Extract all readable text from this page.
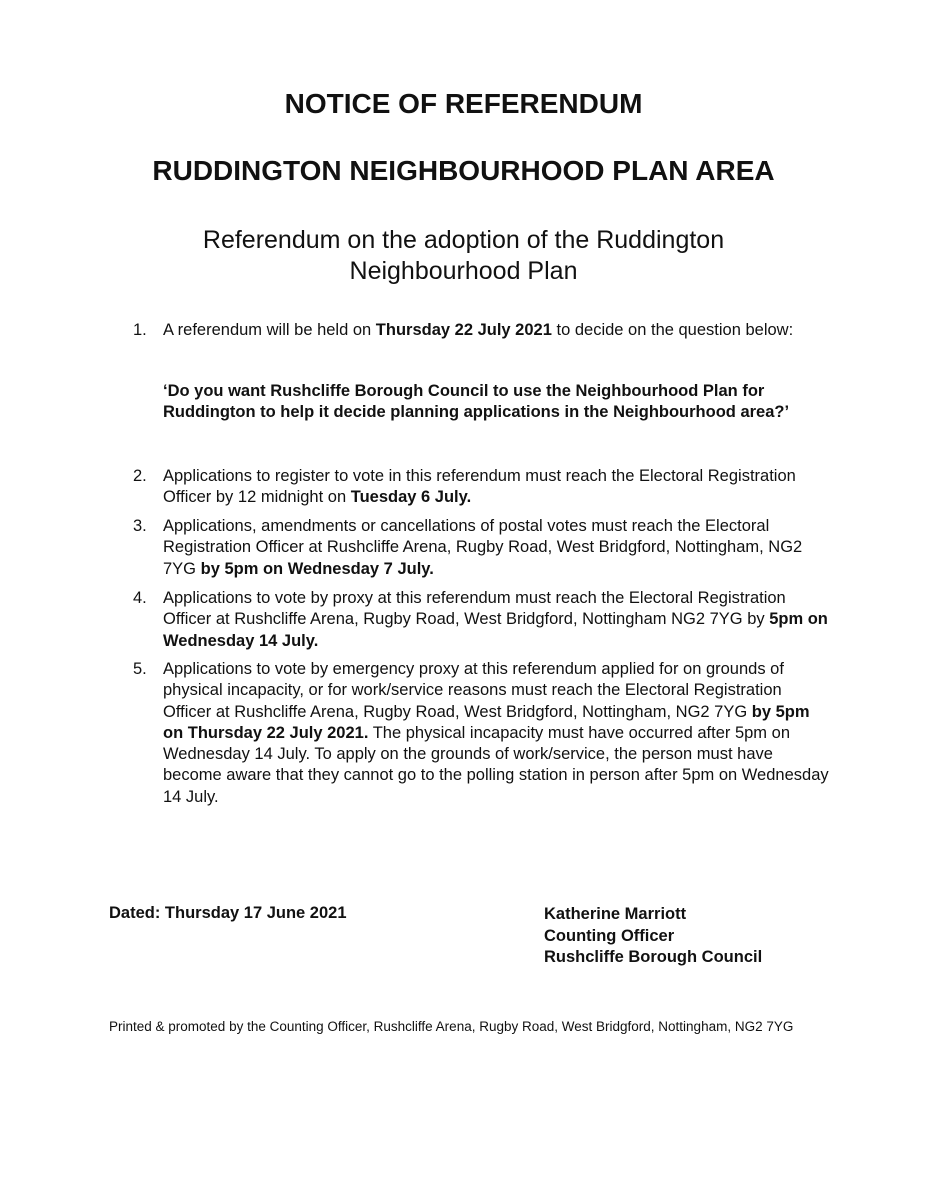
NOTICE OF REFERENDUM
RUDDINGTON NEIGHBOURHOOD PLAN AREA
Referendum on the adoption of the Ruddington Neighbourhood Plan
1. A referendum will be held on Thursday 22 July 2021 to decide on the question below:
‘Do you want Rushcliffe Borough Council to use the Neighbourhood Plan for Ruddington to help it decide planning applications in the Neighbourhood area?’
2. Applications to register to vote in this referendum must reach the Electoral Registration Officer by 12 midnight on Tuesday 6 July.
3. Applications, amendments or cancellations of postal votes must reach the Electoral Registration Officer at Rushcliffe Arena, Rugby Road, West Bridgford, Nottingham, NG2 7YG by 5pm on Wednesday 7 July.
4. Applications to vote by proxy at this referendum must reach the Electoral Registration Officer at Rushcliffe Arena, Rugby Road, West Bridgford, Nottingham NG2 7YG by 5pm on Wednesday 14 July.
5. Applications to vote by emergency proxy at this referendum applied for on grounds of physical incapacity, or for work/service reasons must reach the Electoral Registration Officer at Rushcliffe Arena, Rugby Road, West Bridgford, Nottingham, NG2 7YG by 5pm on Thursday 22 July 2021. The physical incapacity must have occurred after 5pm on Wednesday 14 July. To apply on the grounds of work/service, the person must have become aware that they cannot go to the polling station in person after 5pm on Wednesday 14 July.
Dated: Thursday 17 June 2021	Katherine Marriott
Counting Officer
Rushcliffe Borough Council
Printed & promoted by the Counting Officer, Rushcliffe Arena, Rugby Road, West Bridgford, Nottingham, NG2 7YG
